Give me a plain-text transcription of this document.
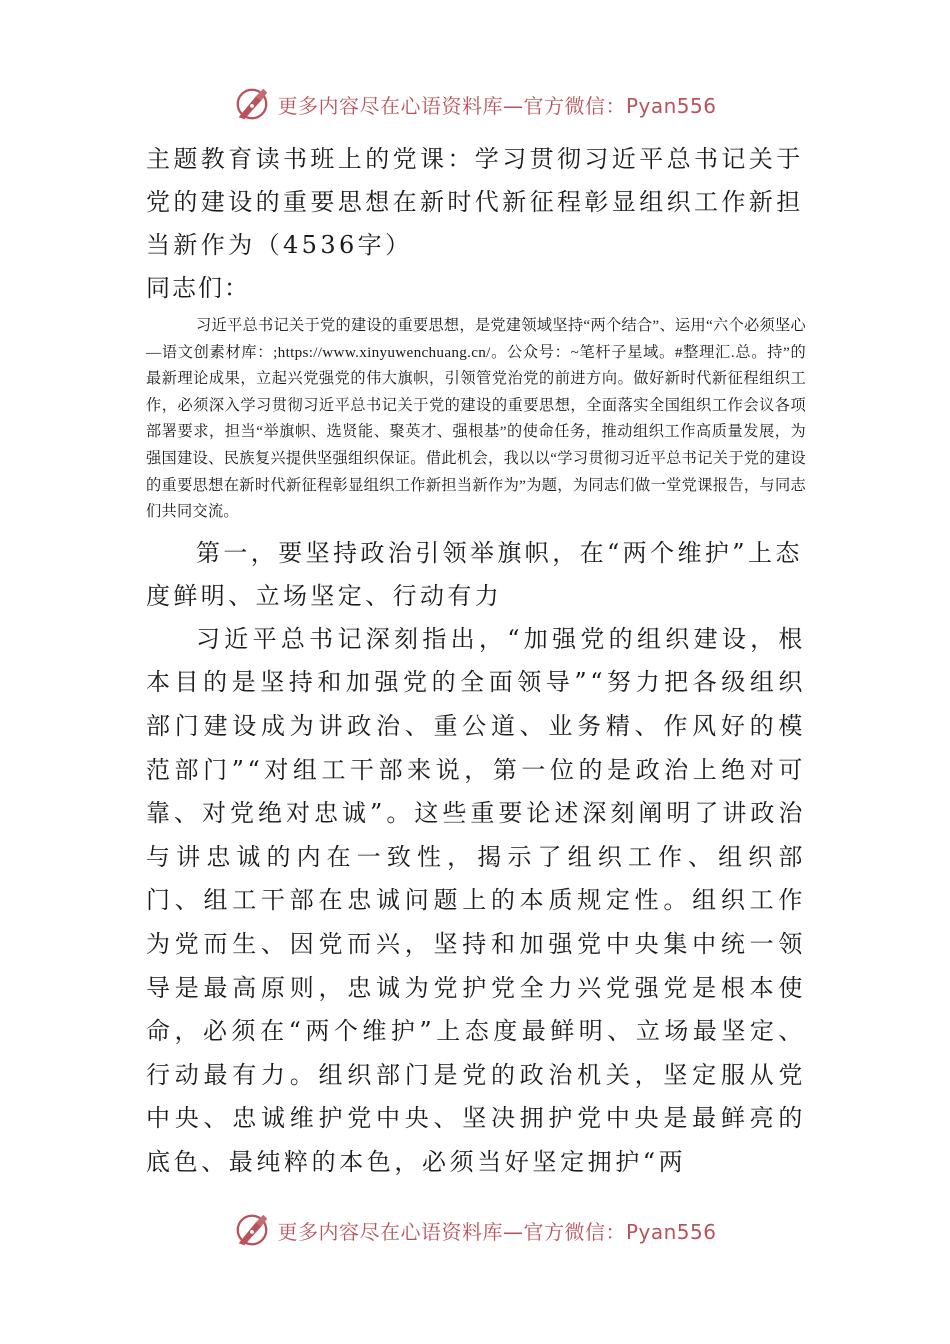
更多内容尽在心语资料库—官方微信：Pyan556
主题教育读书班上的党课：学习贯彻习近平总书记关于党的建设的重要思想在新时代新征程彰显组织工作新担当新作为（4536字）

同志们：

习近平总书记关于党的建设的重要思想，是党建领域坚持“两个结合”、运用“六个必须坚心—语文创素材库：;https://www.xinyuwenchuang.cn/。公众号：~笔杆子星域。#整理汇.总。持”的最新理论成果，立起兴党强党的伟大旗帜，引领管党治党的前进方向。做好新时代新征程组织工作，必须深入学习贯彻习近平总书记关于党的建设的重要思想，全面落实全国组织工作会议各项部署要求，担当“举旗帜、选贤能、聚英才、强根基”的使命任务，推动组织工作高质量发展，为强国建设、民族复兴提供坚强组织保证。借此机会，我以以“学习贯彻习近平总书记关于党的建设的重要思想在新时代新征程彰显组织工作新担当新作为”为题，为同志们做一堂党课报告，与同志们共同交流。

第一，要坚持政治引领举旗帜，在“两个维护”上态度鲜明、立场坚定、行动有力

习近平总书记深刻指出，“加强党的组织建设，根本目的是坚持和加强党的全面领导”“努力把各级组织部门建设成为讲政治、重公道、业务精、作风好的模范部门”“对组工干部来说，第一位的是政治上绝对可靠、对党绝对忠诚”。这些重要论述深刻阐明了讲政治与讲忠诚的内在一致性，揭示了组织工作、组织部门、组工干部在忠诚问题上的本质规定性。组织工作为党而生、因党而兴，坚持和加强党中央集中统一领导是最高原则，忠诚为党护党全力兴党强党是根本使命，必须在“两个维护”上态度最鲜明、立场最坚定、行动最有力。组织部门是党的政治机关，坚定服从党中央、忠诚维护党中央、坚决拥护党中央是最鲜亮的底色、最纯粹的本色，必须当好坚定拥护“两

更多内容尽在心语资料库—官方微信：Pyan556
